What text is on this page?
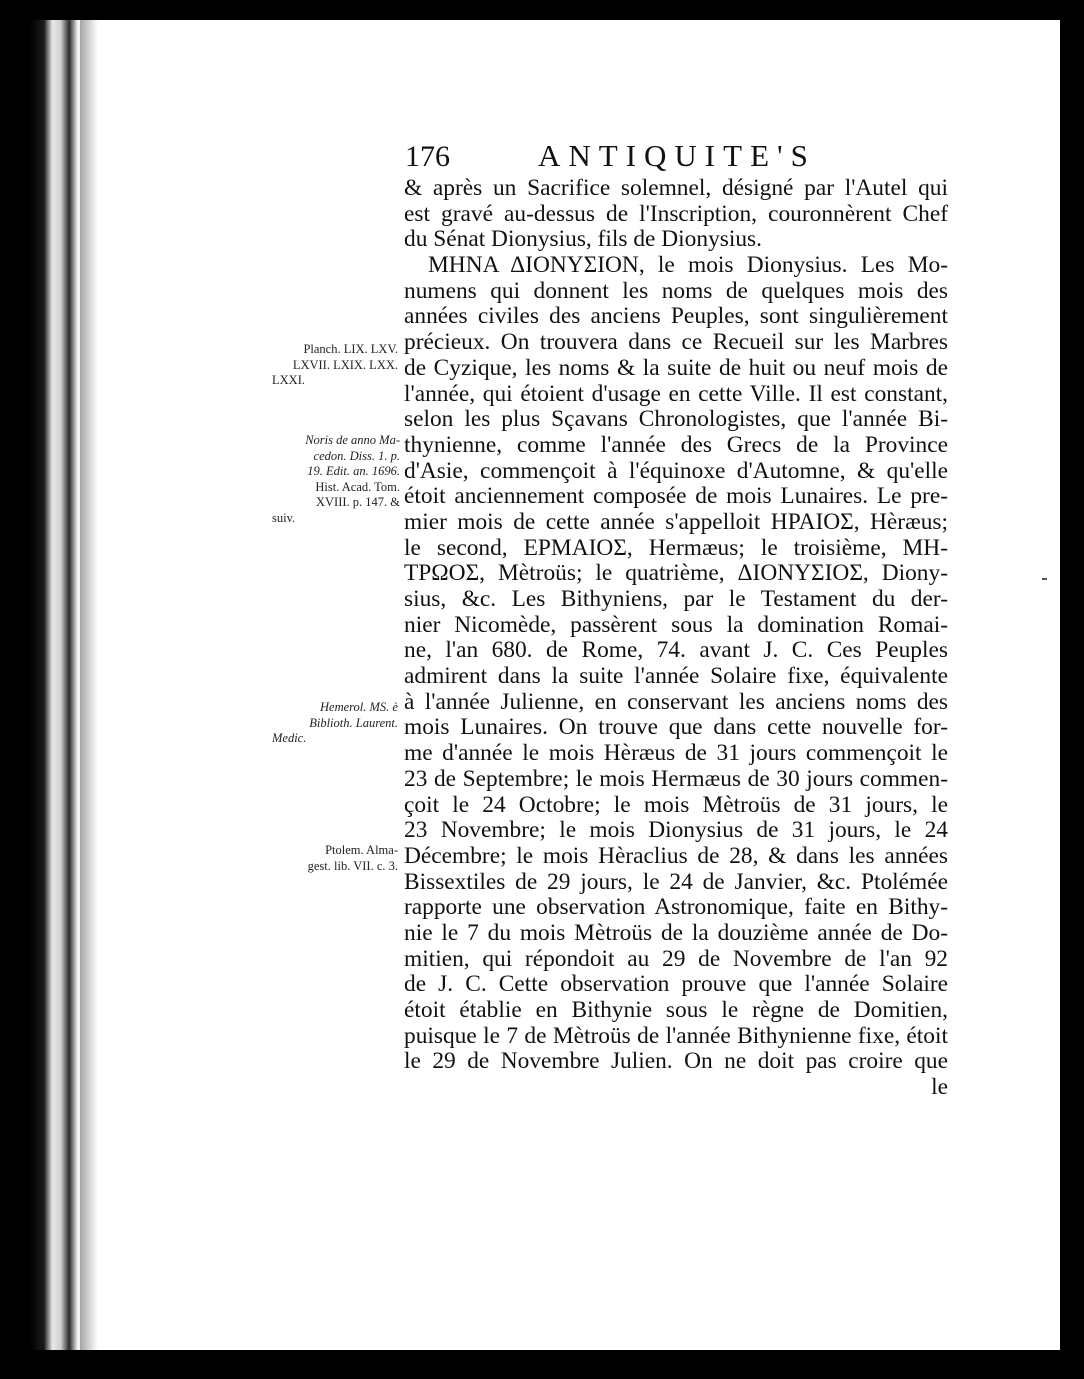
176	ANTIQUITE'S
& après un Sacrifice solemnel, désigné par l'Autel qui
est gravé au-dessus de l'Inscription, couronnèrent Chef
du Sénat Dionysius, fils de Dionysius.
ΜΗΝΑ ΔΙΟΝΥΣΙΟΝ, le mois Dionysius. Les Mo-
numens qui donnent les noms de quelques mois des
années civiles des anciens Peuples, sont singulièrement
précieux. On trouvera dans ce Recueil sur les Marbres
de Cyzique, les noms & la suite de huit ou neuf mois de
l'année, qui étoient d'usage en cette Ville. Il est constant,
selon les plus Sçavans Chronologistes, que l'année Bi-
thynienne, comme l'année des Grecs de la Province
d'Asie, commençoit à l'équinoxe d'Automne, & qu'elle
étoit anciennement composée de mois Lunaires. Le pre-
mier mois de cette année s'appelloit ΗΡΑΙΟΣ, Hèræus;
le second, ΕΡΜΑΙΟΣ, Hermæus; le troisième, ΜΗ-
ΤΡΩΟΣ, Mètroüs; le quatrième, ΔΙΟΝΥΣΙΟΣ, Diony-
sius, &c. Les Bithyniens, par le Testament du der-
nier Nicomède, passèrent sous la domination Romai-
ne, l'an 680. de Rome, 74. avant J. C. Ces Peuples
admirent dans la suite l'année Solaire fixe, équivalente
à l'année Julienne, en conservant les anciens noms des
mois Lunaires. On trouve que dans cette nouvelle for-
me d'année le mois Hèræus de 31 jours commençoit le
23 de Septembre; le mois Hermæus de 30 jours commen-
çoit le 24 Octobre; le mois Mètroüs de 31 jours, le
23 Novembre; le mois Dionysius de 31 jours, le 24
Décembre; le mois Hèraclius de 28, & dans les années
Bissextiles de 29 jours, le 24 de Janvier, &c. Ptolémée
rapporte une observation Astronomique, faite en Bithy-
nie le 7 du mois Mètroüs de la douzième année de Do-
mitien, qui répondoit au 29 de Novembre de l'an 92
de J. C. Cette observation prouve que l'année Solaire
étoit établie en Bithynie sous le règne de Domitien,
puisque le 7 de Mètroüs de l'année Bithynienne fixe, étoit
le 29 de Novembre Julien. On ne doit pas croire que
le
Planch. LIX. LXV.
LXVII. LXIX. LXX.
LXXI.
Noris de anno Ma-
cedon. Diss. 1. p.
19. Edit. an. 1696.
Hist. Acad. Tom.
XVIII. p. 147. &
suiv.
Hemerol. MS. è
Biblioth. Laurent.
Medic.
Ptolem. Alma-
gest. lib. VII. c. 3.
